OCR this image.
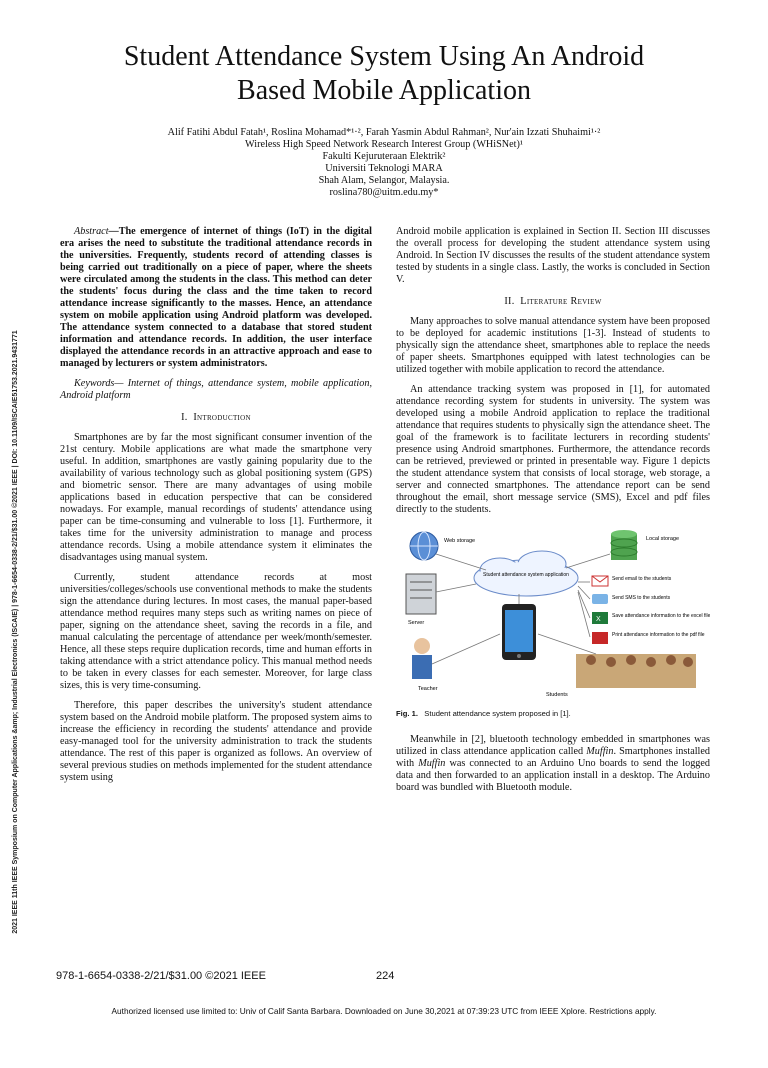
2021 IEEE 11th IEEE Symposium on Computer Applications &amp; Industrial Electronics (ISCAIE) | 978-1-6654-0338-2/21/$31.00 ©2021 IEEE | DOI: 10.1109/ISCAIE51753.2021.9431771
Student Attendance System Using An Android
Based Mobile Application
Alif Fatihi Abdul Fatah¹, Roslina Mohamad*¹·², Farah Yasmin Abdul Rahman², Nur'ain Izzati Shuhaimi¹·²
Wireless High Speed Network Research Interest Group (WHiSNet)¹
Fakulti Kejuruteraan Elektrik²
Universiti Teknologi MARA
Shah Alam, Selangor, Malaysia.
roslina780@uitm.edu.my*

Abstract—The emergence of internet of things (IoT) in the digital era arises the need to substitute the traditional attendance records in the universities. Frequently, students record of attending classes is being carried out traditionally on a piece of paper, where the sheets were circulated among the students in the class. This method can deter the students' focus during the class and the time taken to record attendance increase significantly to the masses. Hence, an attendance system on mobile application using Android platform was developed. The attendance system connected to a database that stored student information and attendance records. In addition, the user interface displayed the attendance records in an attractive approach and ease to managed by lecturers or system administrators.

Keywords— Internet of things, attendance system, mobile application, Android platform

I. Introduction

Smartphones are by far the most significant consumer invention of the 21st century. Mobile applications are what made the smartphone very useful. In addition, smartphones are vastly gaining popularity due to the availability of various technology such as global positioning system (GPS) and biometric sensor. There are many advantages of using mobile applications based in education perspective that can be considered nowadays. For example, manual recordings of students' attendance using paper can be time-consuming and vulnerable to loss [1]. Furthermore, it takes time for the university administration to manage and process attendance records. Using a mobile attendance system it eliminates the disadvantages using manual system.

Currently, student attendance records at most universities/colleges/schools use conventional methods to make the students sign the attendance during lectures. In most cases, the manual paper-based attendance method requires many steps such as writing names on piece of paper, signing on the attendance sheet, saving the records in a file, and manual calculating the percentage of attendance per week/month/semester. Hence, all these steps require duplication records, time and human efforts in taking attendance with a strict attendance policy. This manual method needs to be taken in every classes for each semester. Moreover, for large class sizes, this is very time-consuming.

Therefore, this paper describes the university's student attendance system based on the Android mobile platform. The proposed system aims to increase the efficiency in recording the students' attendance and provide easy-managed tool for the university administration to track the students attendance. The rest of this paper is organized as follows. An overview of several previous studies on methods implemented for the student attendance system using

Android mobile application is explained in Section II. Section III discusses the overall process for developing the student attendance system using Android. In Section IV discusses the results of the student attendance system tested by students in a single class. Lastly, the works is concluded in Section V.

II. Literature Review

Many approaches to solve manual attendance system have been proposed to be deployed for academic institutions [1-3]. Instead of students to physically sign the attendance sheet, smartphones able to replace the needs of paper sheets. Smartphones equipped with latest technologies can be utilized together with mobile application to record the attendance.

An attendance tracking system was proposed in [1], for automated attendance recording system for students in university. The system was developed using a mobile Android application to replace the traditional attendance that requires students to physically sign the attendance sheet. The goal of the framework is to facilitate lecturers in recording students' presence using Android smartphones. Furthermore, the attendance records can be retrieved, previewed or printed in presentable way. Figure 1 depicts the student attendance system that consists of local storage, web storage, a server and connected smartphones. The attendance report can be send throughout the email, short message service (SMS), Excel and pdf files directly to the students.

Student attendance system application
Web storage	Local storage
Server
Teacher
Students
Send email to the students
Send SMS to the students
X Save attendance information to the excel file
Print attendance information to the pdf file
Fig. 1. Student attendance system proposed in [1].

Meanwhile in [2], bluetooth technology embedded in smartphones was utilized in class attendance application called Muffin. Smartphones installed with Muffin was connected to an Arduino Uno boards to send the logged data and then forwarded to an application install in a desktop. The Arduino board was bundled with Bluetooth module.

978-1-6654-0338-2/21/$31.00 ©2021 IEEE	224
Authorized licensed use limited to: Univ of Calif Santa Barbara. Downloaded on June 30,2021 at 07:39:23 UTC from IEEE Xplore. Restrictions apply.
